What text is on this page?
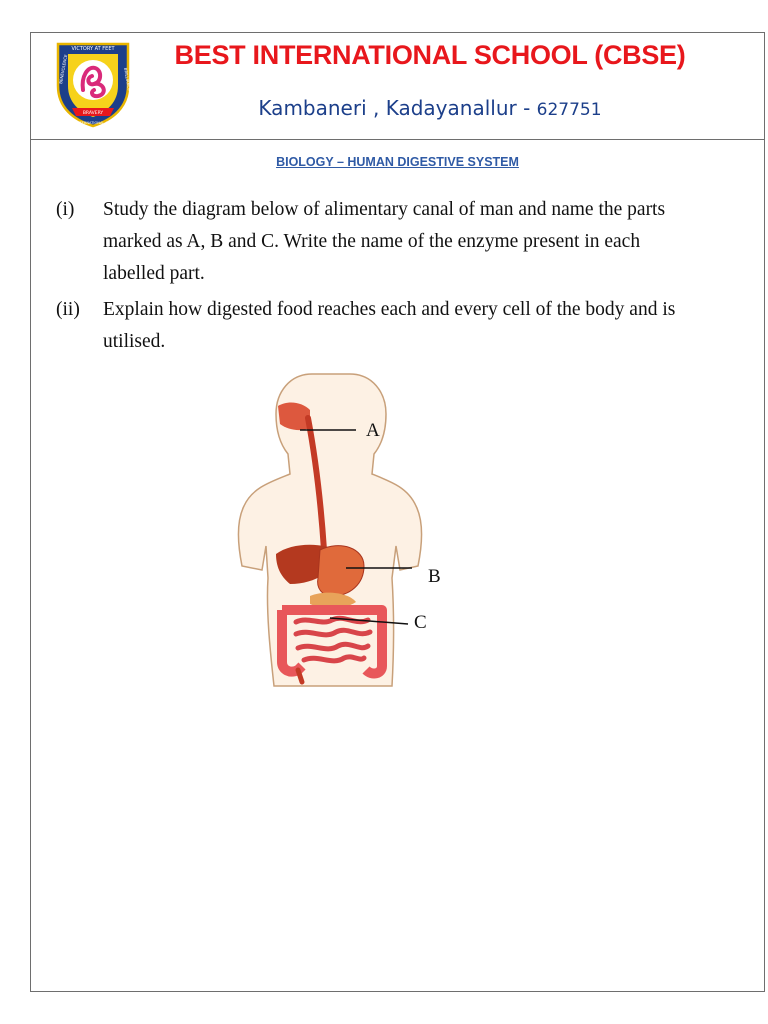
VICTORY AT FEET
BRAVERY
BENEVOLENCE	BRILLIANCE
BEST INTERNATIONAL SCHOOL
BEST INTERNATIONAL SCHOOL (CBSE)
Kambaneri , Kadayanallur - 627751
BIOLOGY – HUMAN DIGESTIVE SYSTEM
(i) Study the diagram below of alimentary canal of man and name the parts marked as A, B and C. Write the name of the enzyme present in each labelled part.
(ii) Explain how digested food reaches each and every cell of the body and is utilised.
A
B
C
